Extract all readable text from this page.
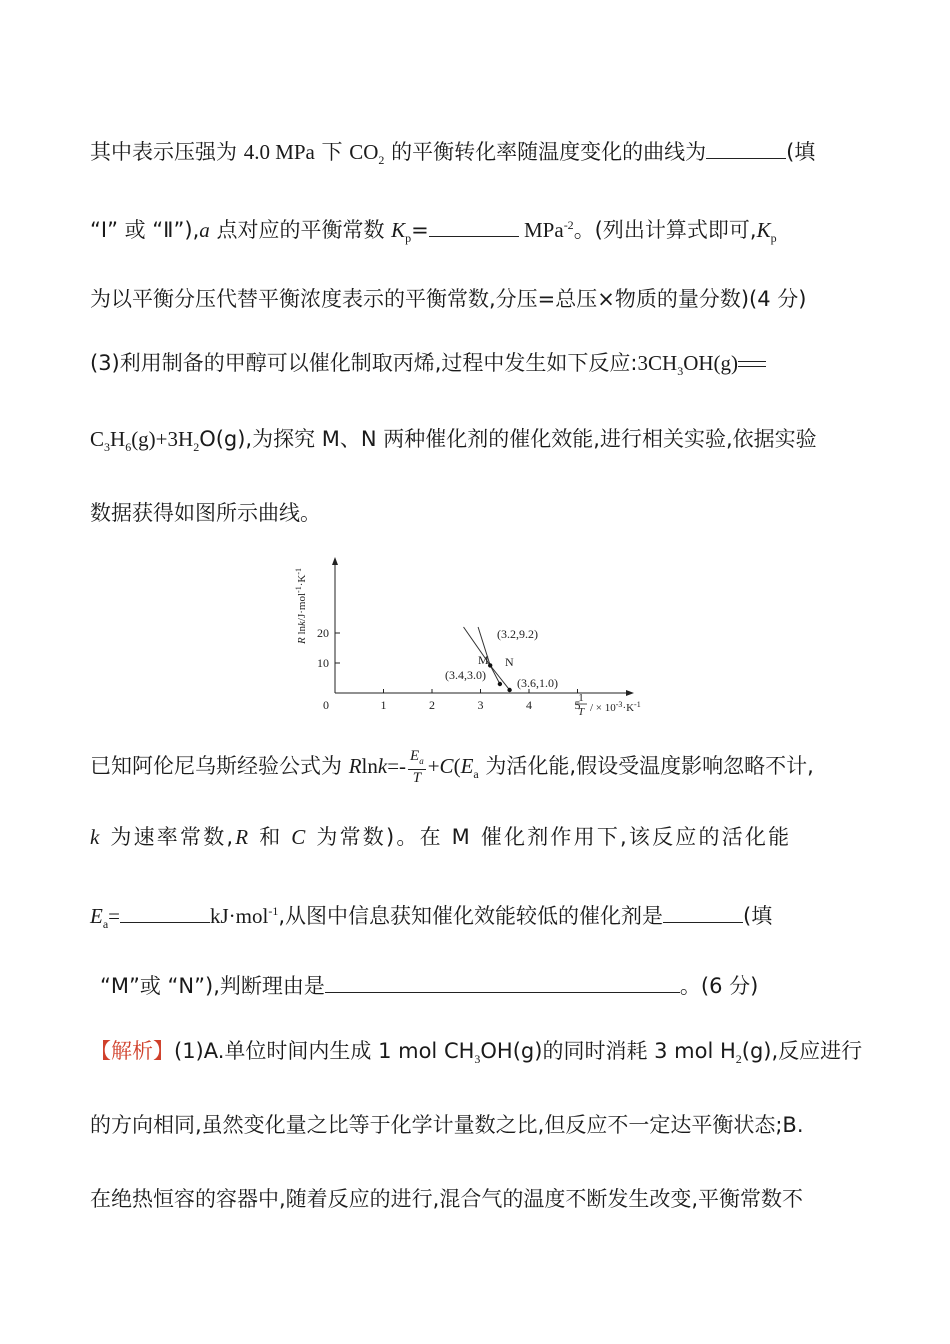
其中表示压强为 4.0 MPa 下 $CO_2$ 的平衡转化率随温度变化的曲线为	(填
“Ⅰ” 或 “Ⅱ”),a 点对应的平衡常数 $K_p=$	MPa$^{-2}$。(列出计算式即可$,K_p$
为以平衡分压代替平衡浓度表示的平衡常数,分压=总压×物质的量分数)(4 分)
(3)利用制备的甲醇可以催化制取丙烯,过程中发生如下反应$:3CH_3OH(g)$
$C_3H_6(g)+3H_2O(g)$,为探究 M、N 两种催化剂的催化效能,进行相关实验,依据实验
数据获得如图所示曲线。
R lnk/$J\cdot mol^{-1}\cdot K^{-1}$
10
20
0	1	2	3	4	5
M N
(3.2,9.2)
(3.4,3.0)
(3.6,1.0)
1
T / × $10^{-3}\cdot K^{-1}$
已知阿伦尼乌斯经验公式为 $Rlnk=- \frac{E_a}{T} +C(E_a$ 为活化能,假设受温度影响忽略不计,
k 为速率常数,R 和 C 为常数)。在 M 催化剂作用下,该反应的活化能
$E_a=$	kJ·mol$^{-1}$,从图中信息获知催化效能较低的催化剂是	(填
“M”或 “N”),判断理由是	。(6 分)
【解析】(1)A.单位时间内生成 1 mol $CH_3OH(g)$的同时消耗 3 mol $H_2(g)$,反应进行
的方向相同,虽然变化量之比等于化学计量数之比,但反应不一定达平衡状态;B.
在绝热恒容的容器中,随着反应的进行,混合气的温度不断发生改变,平衡常数不
